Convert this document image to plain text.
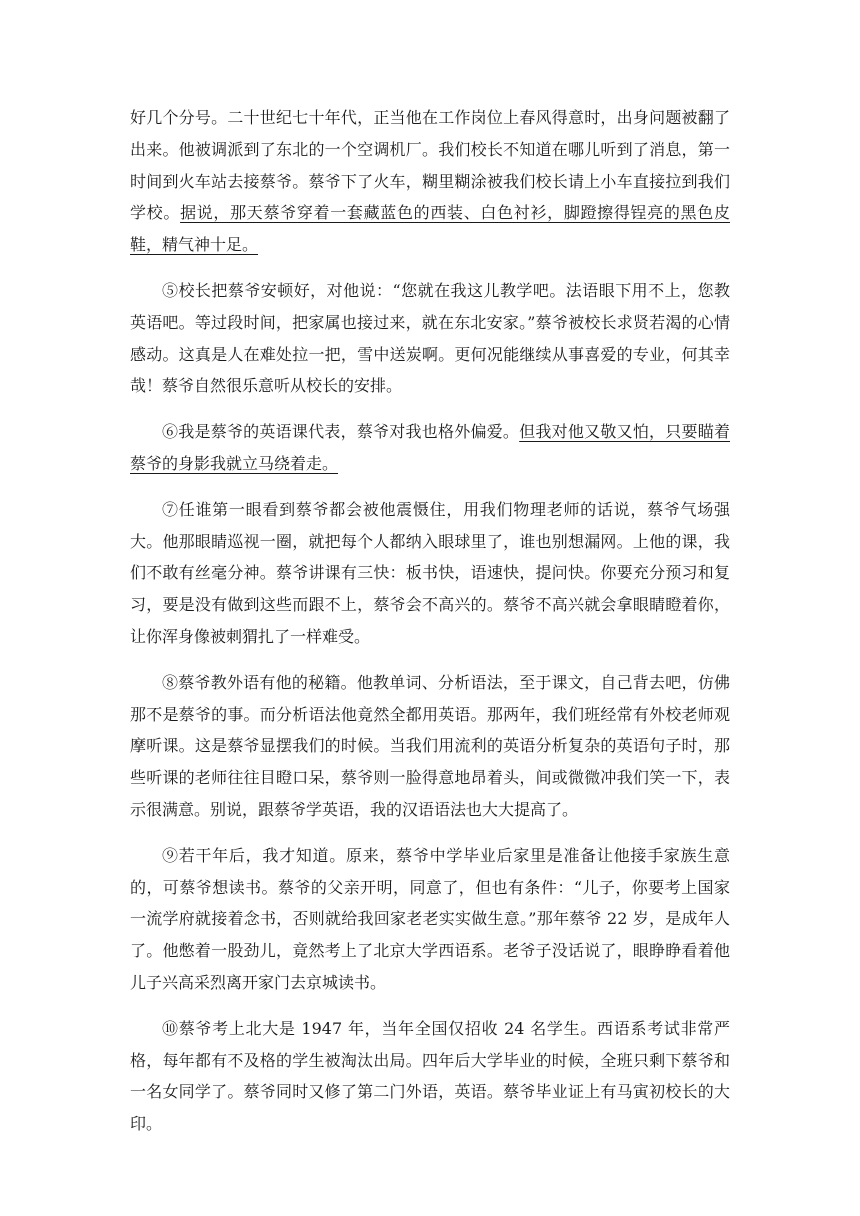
好几个分号。二十世纪七十年代，正当他在工作岗位上春风得意时，出身问题被翻了出来。他被调派到了东北的一个空调机厂。我们校长不知道在哪儿听到了消息，第一时间到火车站去接蔡爷。蔡爷下了火车，糊里糊涂被我们校长请上小车直接拉到我们学校。据说，那天蔡爷穿着一套藏蓝色的西装、白色衬衫，脚蹬擦得锃亮的黑色皮鞋，精气神十足。

⑤校长把蔡爷安顿好，对他说：“您就在我这儿教学吧。法语眼下用不上，您教英语吧。等过段时间，把家属也接过来，就在东北安家。”蔡爷被校长求贤若渴的心情感动。这真是人在难处拉一把，雪中送炭啊。更何况能继续从事喜爱的专业，何其幸哉！蔡爷自然很乐意听从校长的安排。

⑥我是蔡爷的英语课代表，蔡爷对我也格外偏爱。但我对他又敬又怕，只要瞄着蔡爷的身影我就立马绕着走。

⑦任谁第一眼看到蔡爷都会被他震慑住，用我们物理老师的话说，蔡爷气场强大。他那眼睛巡视一圈，就把每个人都纳入眼球里了，谁也别想漏网。上他的课，我们不敢有丝毫分神。蔡爷讲课有三快：板书快，语速快，提问快。你要充分预习和复习，要是没有做到这些而跟不上，蔡爷会不高兴的。蔡爷不高兴就会拿眼睛瞪着你，让你浑身像被刺猬扎了一样难受。

⑧蔡爷教外语有他的秘籍。他教单词、分析语法，至于课文，自己背去吧，仿佛那不是蔡爷的事。而分析语法他竟然全都用英语。那两年，我们班经常有外校老师观摩听课。这是蔡爷显摆我们的时候。当我们用流利的英语分析复杂的英语句子时，那些听课的老师往往目瞪口呆，蔡爷则一脸得意地昂着头，间或微微冲我们笑一下，表示很满意。别说，跟蔡爷学英语，我的汉语语法也大大提高了。

⑨若干年后，我才知道。原来，蔡爷中学毕业后家里是准备让他接手家族生意的，可蔡爷想读书。蔡爷的父亲开明，同意了，但也有条件：“儿子，你要考上国家一流学府就接着念书，否则就给我回家老老实实做生意。”那年蔡爷 22 岁，是成年人了。他憋着一股劲儿，竟然考上了北京大学西语系。老爷子没话说了，眼睁睁看着他儿子兴高采烈离开家门去京城读书。

⑩蔡爷考上北大是 1947 年，当年全国仅招收 24 名学生。西语系考试非常严格，每年都有不及格的学生被淘汰出局。四年后大学毕业的时候，全班只剩下蔡爷和一名女同学了。蔡爷同时又修了第二门外语，英语。蔡爷毕业证上有马寅初校长的大印。
